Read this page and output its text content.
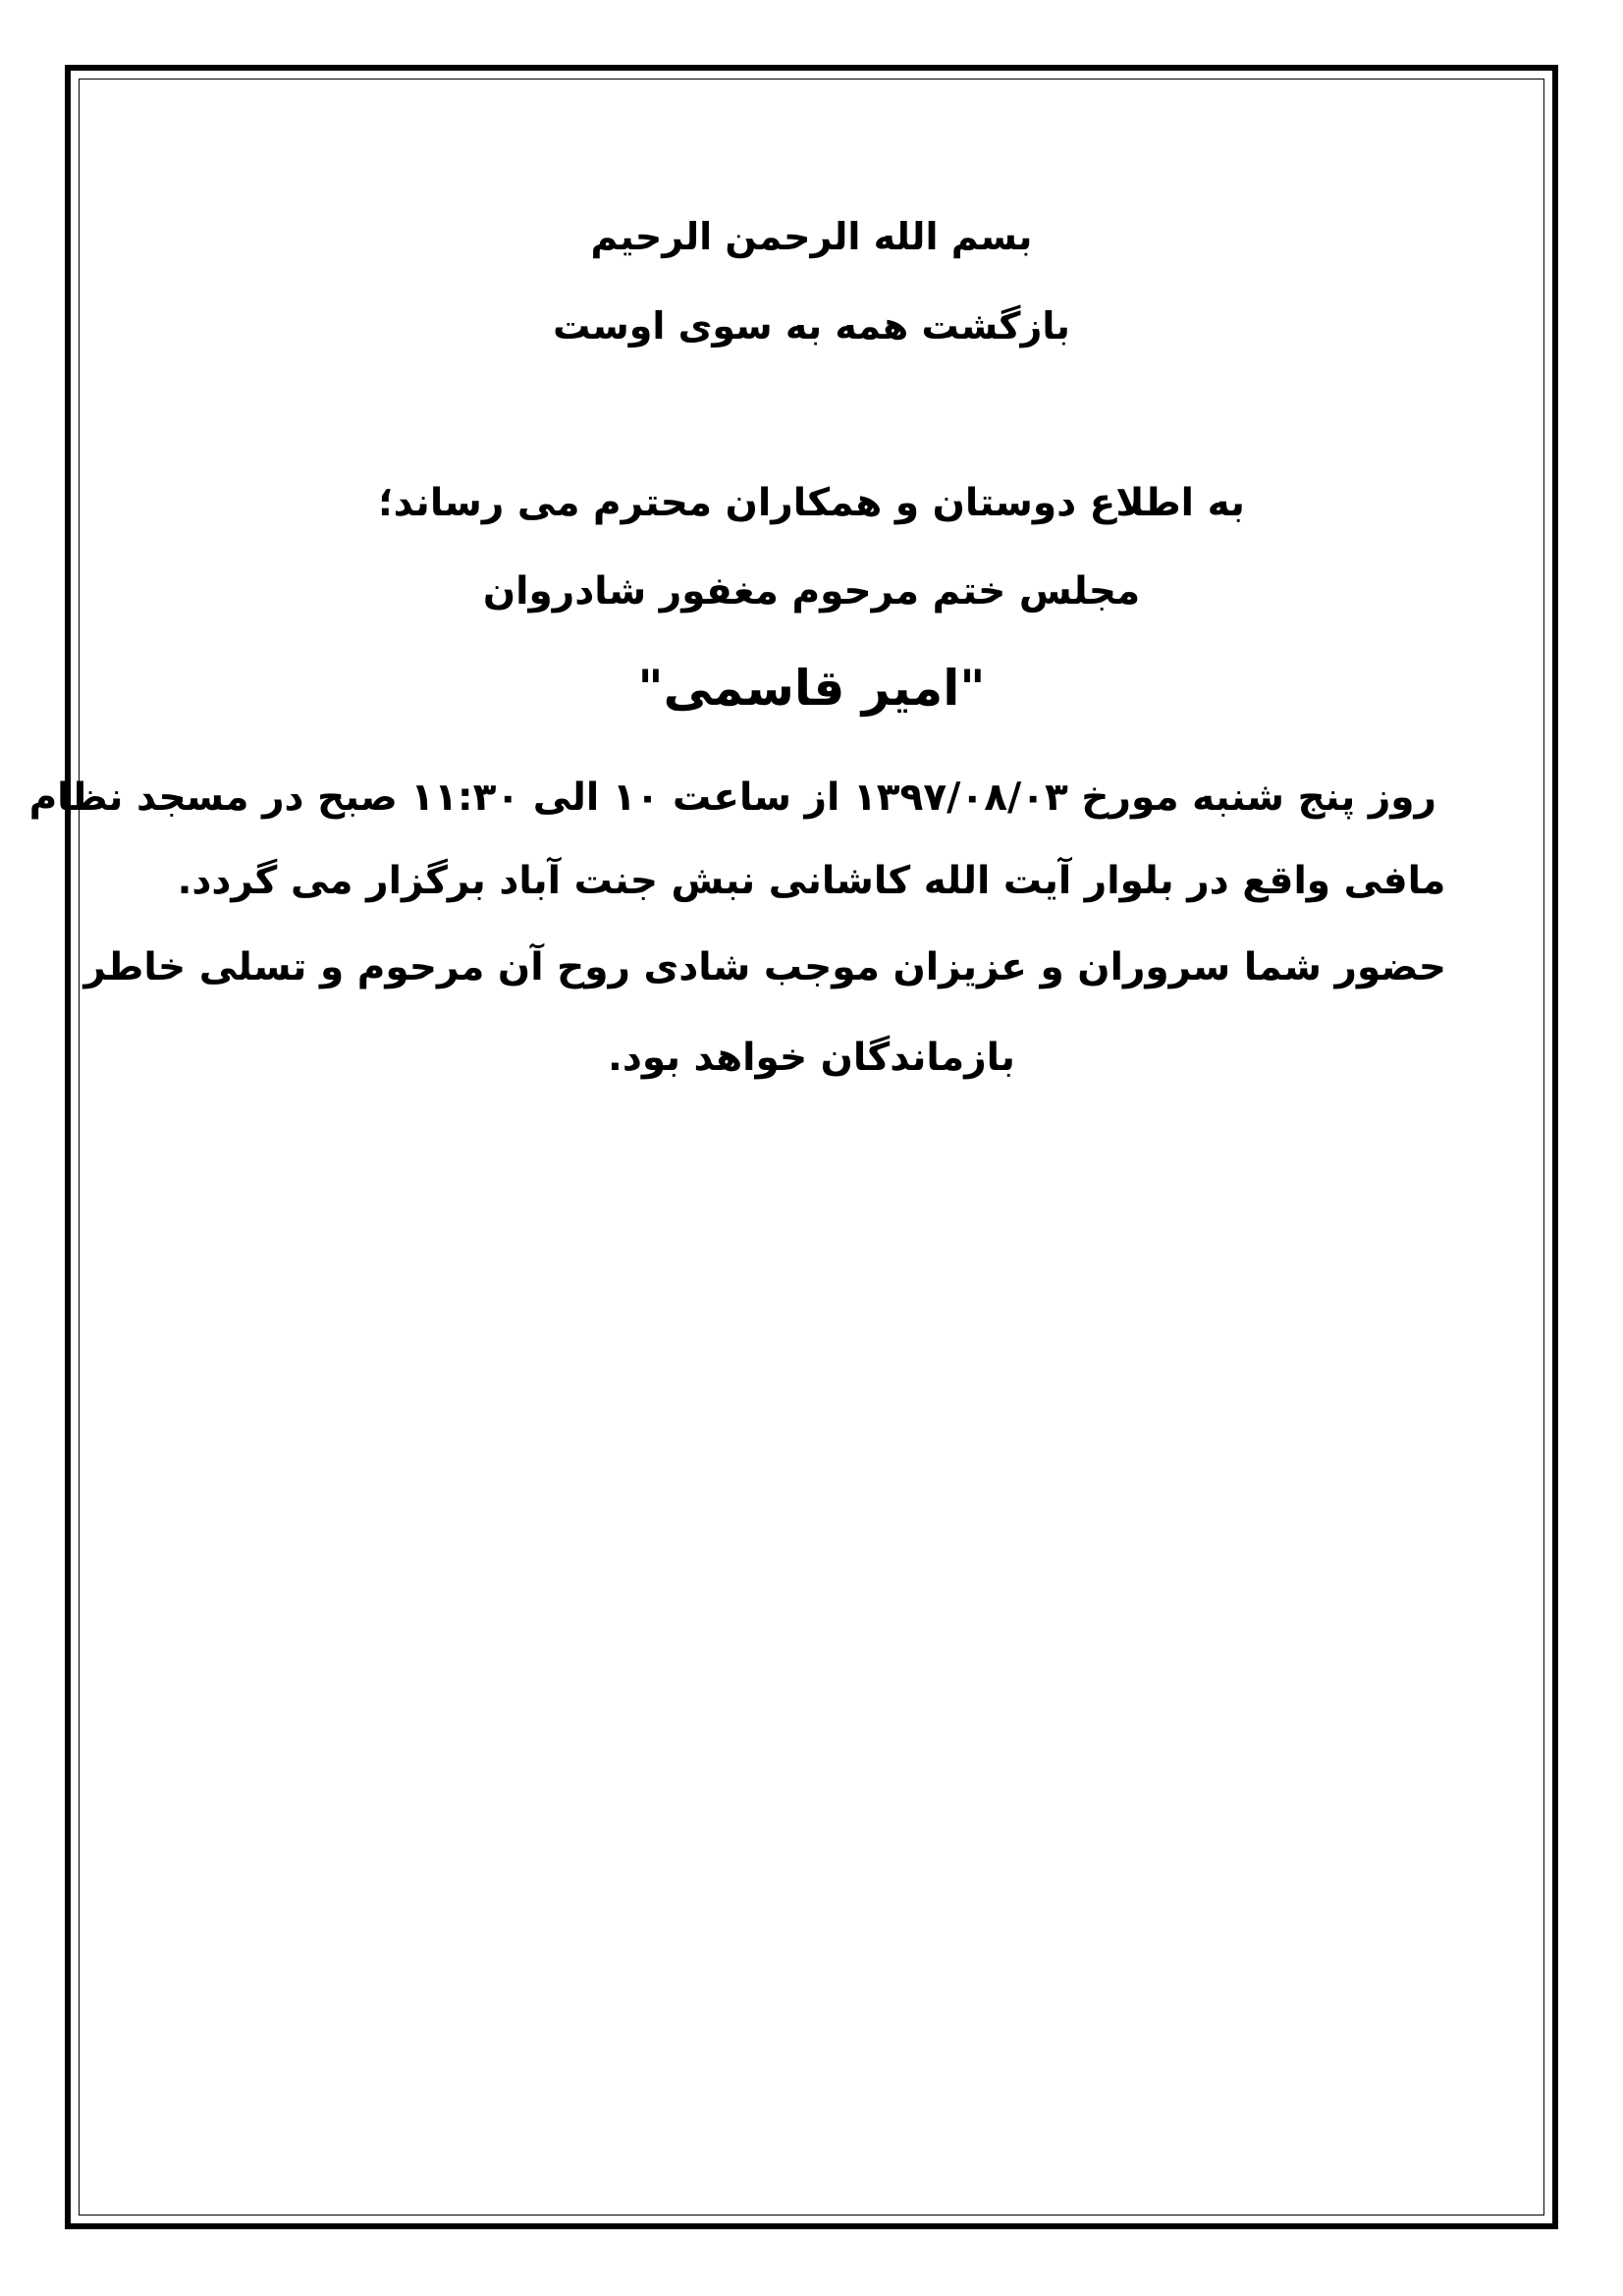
بسم الله الرحمن الرحیم
بازگشت همه به سوی اوست
به اطلاع دوستان و همکاران محترم می رساند؛
مجلس ختم مرحوم مغفور شادروان
"امیر قاسمی"
روز پنج شنبه مورخ ۱۳۹۷/۰۸/۰۳ از ساعت ۱۰ الی ۱۱:۳۰ صبح در مسجد نظام
مافی واقع در بلوار آیت الله کاشانی نبش جنت آباد برگزار می گردد.
حضور شما سروران و عزیزان موجب شادی روح آن مرحوم و تسلی خاطر
بازماندگان خواهد بود.
